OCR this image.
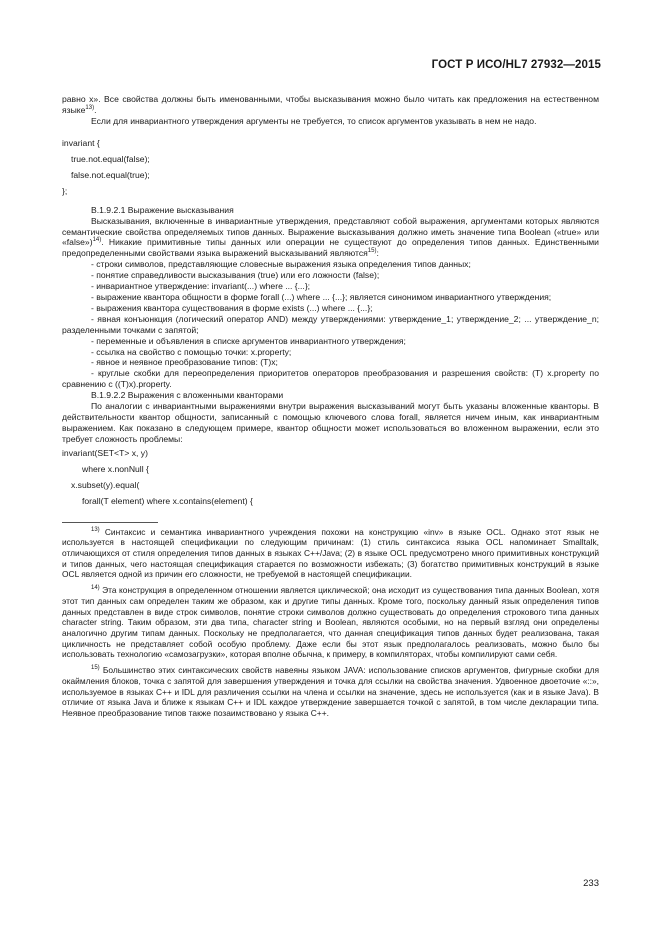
ГОСТ Р ИСО/HL7 27932—2015

равно x». Все свойства должны быть именованными, чтобы высказывания можно было читать как предложения на естественном языке$^{13)}$.

Если для инвариантного утверждения аргументы не требуется, то список аргументов указывать в нем не надо.

invariant {
true.not.equal(false);
false.not.equal(true);
};

B.1.9.2.1 Выражение высказывания

Высказывания, включенные в инвариантные утверждения, представляют собой выражения, аргументами которых являются семантические свойства определяемых типов данных. Выражение высказывания должно иметь значение типа Boolean («true» или «false»)$^{14)}$. Никакие примитивные типы данных или операции не существуют до определения типов данных. Единственными предопределенными свойствами языка выражений высказываний являются$^{15)}$:

- строки символов, представляющие словесные выражения языка определения типов данных;

- понятие справедливости высказывания (true) или его ложности (false);

- инвариантное утверждение: invariant(...) where ... {...};

- выражение квантора общности в форме forall (...) where ... {...}; является синонимом инвариантного утверждения;

- выражения квантора существования в форме exists (...) where ... {...};

- явная конъюнкция (логический оператор AND) между утверждениями: утверждение_1; утверждение_2; ... утверждение_n; разделенными точками с запятой;

- переменные и объявления в списке аргументов инвариантного утверждения;

- ссылка на свойство с помощью точки: x.property;

- явное и неявное преобразование типов: (T)x;

- круглые скобки для переопределения приоритетов операторов преобразования и разрешения свойств: (T) x.property по сравнению с ((T)x).property.

B.1.9.2.2 Выражения с вложенными кванторами

По аналогии с инвариантными выражениями внутри выражения высказываний могут быть указаны вложенные кванторы. В действительности квантор общности, записанный с помощью ключевого слова forall, является ничем иным, как инвариантным выражением. Как показано в следующем примере, квантор общности может использоваться во вложенном выражении, если это требует сложность проблемы:

invariant(SET<T> x, y)
where x.nonNull {
x.subset(y).equal(
forall(T element) where x.contains(element) {

$^{13)}$ Синтаксис и семантика инвариантного учреждения похожи на конструкцию «inv» в языке OCL. Однако этот язык не используется в настоящей спецификации по следующим причинам: (1) стиль синтаксиса языка OCL напоминает Smalltalk, отличающихся от стиля определения типов данных в языках C++/Java; (2) в языке OCL предусмотрено много примитивных конструкций и типов данных, чего настоящая спецификация старается по возможности избежать; (3) богатство примитивных конструкций в языке OCL является одной из причин его сложности, не требуемой в настоящей спецификации.

$^{14)}$ Эта конструкция в определенном отношении является циклической; она исходит из существования типа данных Boolean, хотя этот тип данных сам определен таким же образом, как и другие типы данных. Кроме того, поскольку данный язык определения типов данных представлен в виде строк символов, понятие строки символов должно существовать до определения строкового типа данных character string. Таким образом, эти два типа, character string и Boolean, являются особыми, но на первый взгляд они определены аналогично другим типам данных. Поскольку не предполагается, что данная спецификация типов данных будет реализована, такая цикличность не представляет собой особую проблему. Даже если бы этот язык предполагалось реализовать, можно было бы использовать технологию «самозагрузки», которая вполне обычна, к примеру, в компиляторах, чтобы компилируют сами себя.

$^{15)}$ Большинство этих синтаксических свойств навеяны языком JAVA: использование списков аргументов, фигурные скобки для окаймления блоков, точка с запятой для завершения утверждения и точка для ссылки на свойства значения. Удвоенное двоеточие «::», используемое в языках C++ и IDL для различения ссылки на члена и ссылки на значение, здесь не используется (как и в языке Java). В отличие от языка Java и ближе к языкам C++ и IDL каждое утверждение завершается точкой с запятой, в том числе декларации типа. Неявное преобразование типов также позаимствовано у языка C++.

233
